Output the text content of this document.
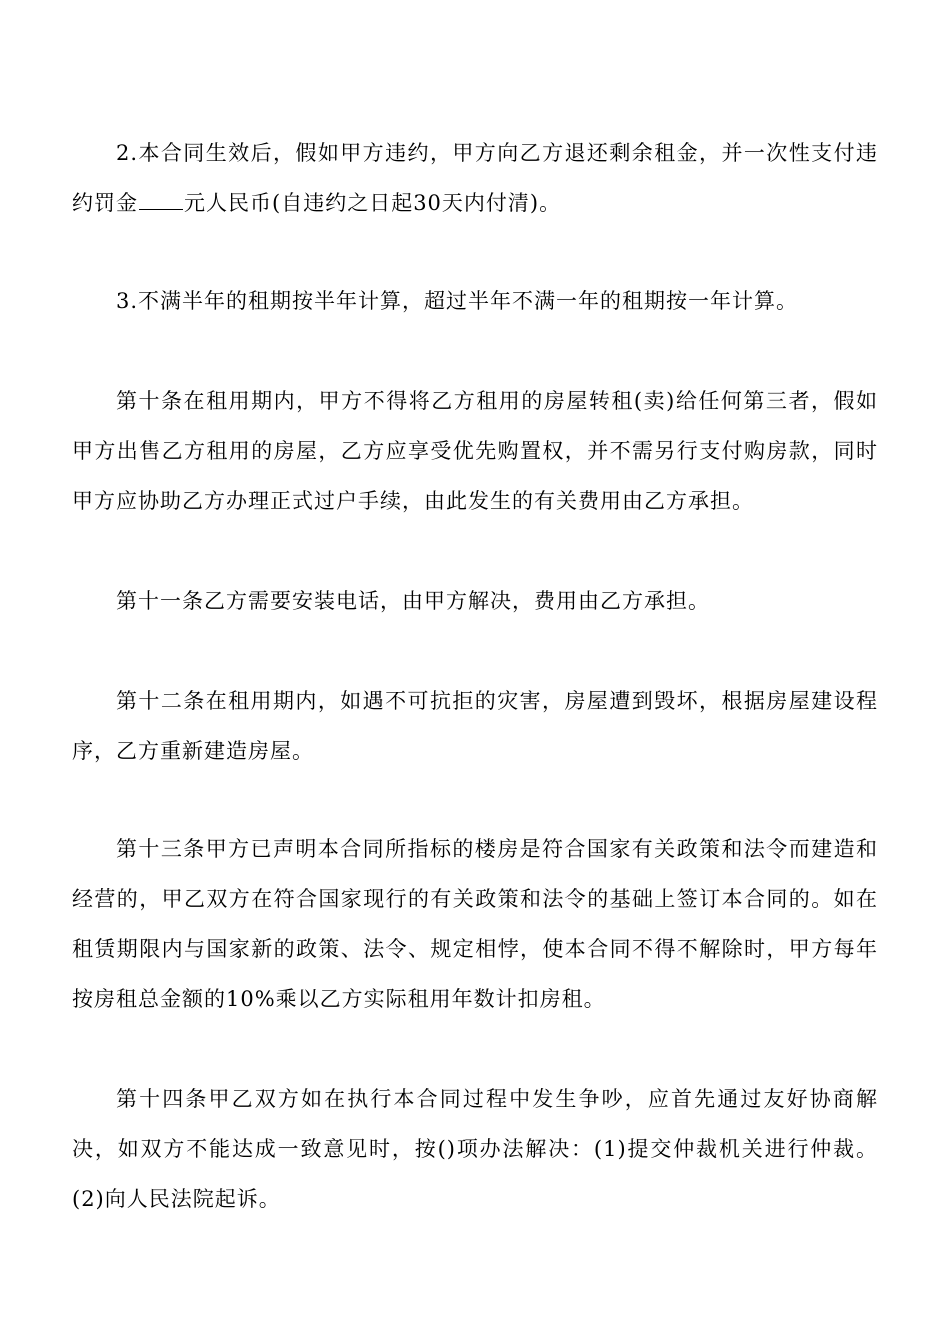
2.本合同生效后，假如甲方违约，甲方向乙方退还剩余租金，并一次性支付违约罚金 元人民币(自违约之日起30天内付清)。

3.不满半年的租期按半年计算，超过半年不满一年的租期按一年计算。

第十条在租用期内，甲方不得将乙方租用的房屋转租(卖)给任何第三者，假如甲方出售乙方租用的房屋，乙方应享受优先购置权，并不需另行支付购房款，同时甲方应协助乙方办理正式过户手续，由此发生的有关费用由乙方承担。

第十一条乙方需要安装电话，由甲方解决，费用由乙方承担。

第十二条在租用期内，如遇不可抗拒的灾害，房屋遭到毁坏，根据房屋建设程序，乙方重新建造房屋。

第十三条甲方已声明本合同所指标的楼房是符合国家有关政策和法令而建造和经营的，甲乙双方在符合国家现行的有关政策和法令的基础上签订本合同的。如在租赁期限内与国家新的政策、法令、规定相悖，使本合同不得不解除时，甲方每年按房租总金额的10%乘以乙方实际租用年数计扣房租。

第十四条甲乙双方如在执行本合同过程中发生争吵，应首先通过友好协商解决，如双方不能达成一致意见时，按()项办法解决：(1)提交仲裁机关进行仲裁。(2)向人民法院起诉。
